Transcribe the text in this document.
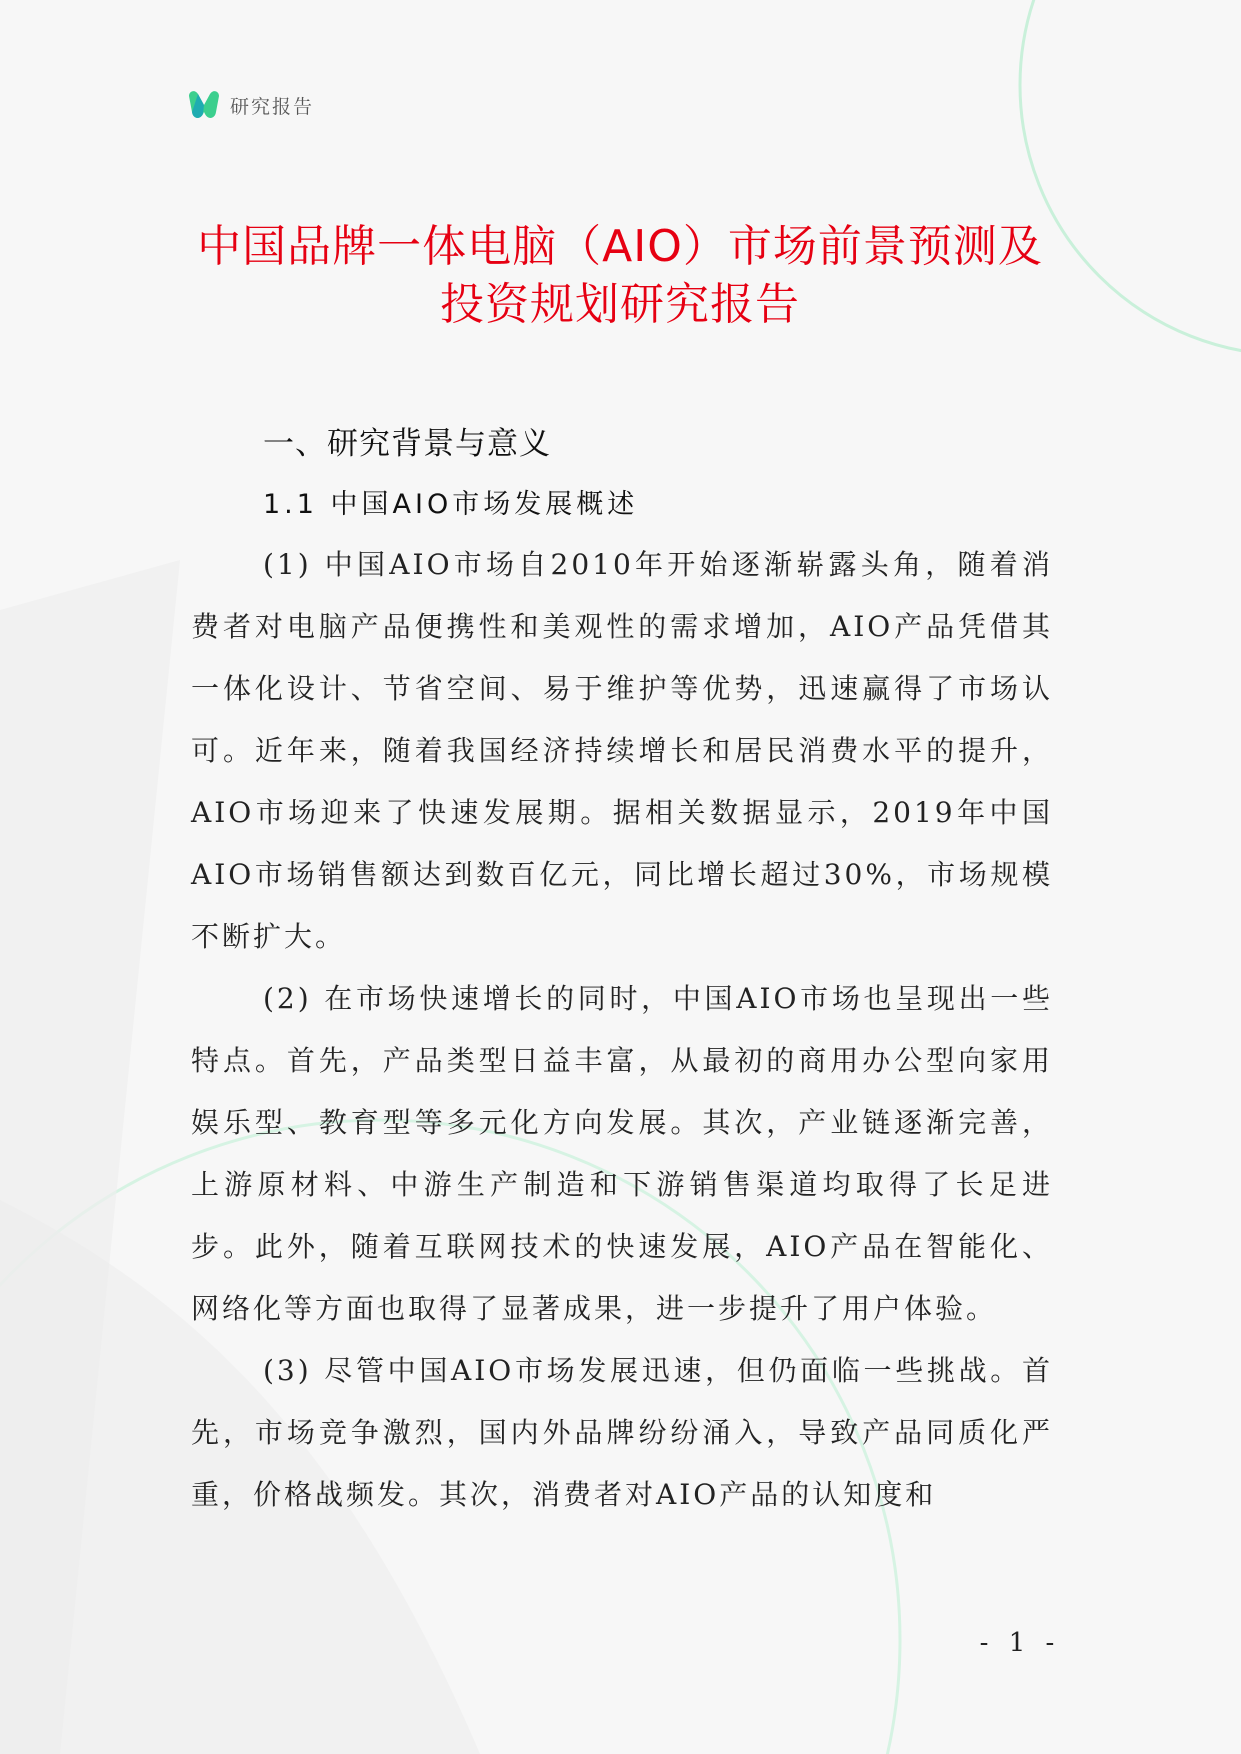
研究报告
中国品牌一体电脑（AIO）市场前景预测及
投资规划研究报告
一、研究背景与意义
1.1 中国AIO市场发展概述

(1) 中国AIO市场自2010年开始逐渐崭露头角，随着消费者对电脑产品便携性和美观性的需求增加，AIO产品凭借其一体化设计、节省空间、易于维护等优势，迅速赢得了市场认可。近年来，随着我国经济持续增长和居民消费水平的提升，AIO市场迎来了快速发展期。据相关数据显示，2019年中国AIO市场销售额达到数百亿元，同比增长超过30%，市场规模不断扩大。

(2) 在市场快速增长的同时，中国AIO市场也呈现出一些特点。首先，产品类型日益丰富，从最初的商用办公型向家用娱乐型、教育型等多元化方向发展。其次，产业链逐渐完善，上游原材料、中游生产制造和下游销售渠道均取得了长足进步。此外，随着互联网技术的快速发展，AIO产品在智能化、网络化等方面也取得了显著成果，进一步提升了用户体验。

(3) 尽管中国AIO市场发展迅速，但仍面临一些挑战。首先，市场竞争激烈，国内外品牌纷纷涌入，导致产品同质化严重，价格战频发。其次，消费者对AIO产品的认知度和

- 1 -
